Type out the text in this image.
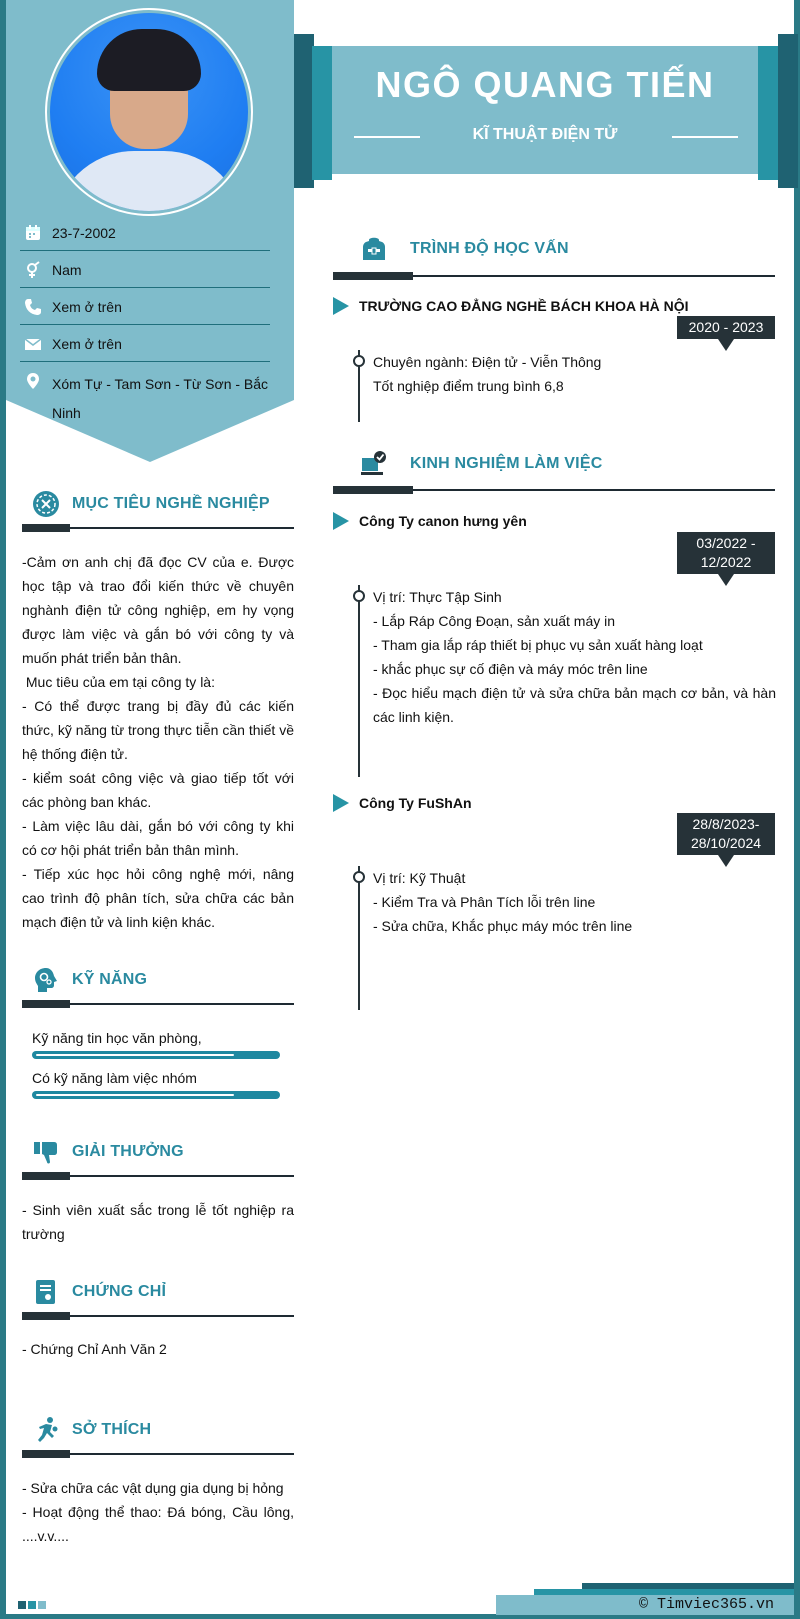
23-7-2002
Nam
Xem ở trên
Xem ở trên
Xóm Tự - Tam Sơn - Từ Sơn - Bắc Ninh
MỤC TIÊU NGHỀ NGHIỆP
-Cảm ơn anh chị đã đọc CV của e. Được học tập và trao đổi kiến thức về chuyên nghành điện tử công nghiệp, em hy vọng được làm việc và gắn bó với công ty và muốn phát triển bản thân.
Muc tiêu của em tại công ty là:
- Có thể được trang bị đầy đủ các kiến thức, kỹ năng từ trong thực tiễn cần thiết về hệ thống điện tử.
- kiểm soát công việc và giao tiếp tốt với các phòng ban khác.
- Làm việc lâu dài, gắn bó với công ty khi có cơ hội phát triển bản thân mình.
- Tiếp xúc học hỏi công nghệ mới, nâng cao trình độ phân tích, sửa chữa các bản mạch điện tử và linh kiện khác.
KỸ NĂNG
Kỹ năng tin học văn phòng,
Có kỹ năng làm việc nhóm
GIẢI THƯỞNG
- Sinh viên xuất sắc trong lễ tốt nghiệp ra trường
CHỨNG CHỈ
- Chứng Chỉ Anh Văn 2
SỞ THÍCH
- Sửa chữa các vật dụng gia dụng bị hỏng
- Hoạt động thể thao: Đá bóng, Cầu lông, ....v.v....
NGÔ QUANG TIẾN
KĨ THUẬT ĐIỆN TỬ
TRÌNH ĐỘ HỌC VẤN
TRƯỜNG CAO ĐẲNG NGHỀ BÁCH KHOA HÀ NỘI
2020 - 2023
Chuyên ngành: Điện tử - Viễn Thông
Tốt nghiệp điểm trung bình 6,8
KINH NGHIỆM LÀM VIỆC
Công Ty canon hưng yên
03/2022 -
12/2022
Vị trí: Thực Tập Sinh
- Lắp Ráp Công Đoạn, sản xuất máy in
- Tham gia lắp ráp thiết bị phục vụ sản xuất hàng loạt
- khắc phục sự cố điện và máy móc trên line
- Đọc hiểu mạch điện tử và sửa chữa bản mạch cơ bản, và hàn các linh kiện.
Công Ty FuShAn
28/8/2023-
28/10/2024
Vị trí: Kỹ Thuật
- Kiểm Tra và Phân Tích lỗi trên line
- Sửa chữa, Khắc phục máy móc trên line
© Timviec365.vn
